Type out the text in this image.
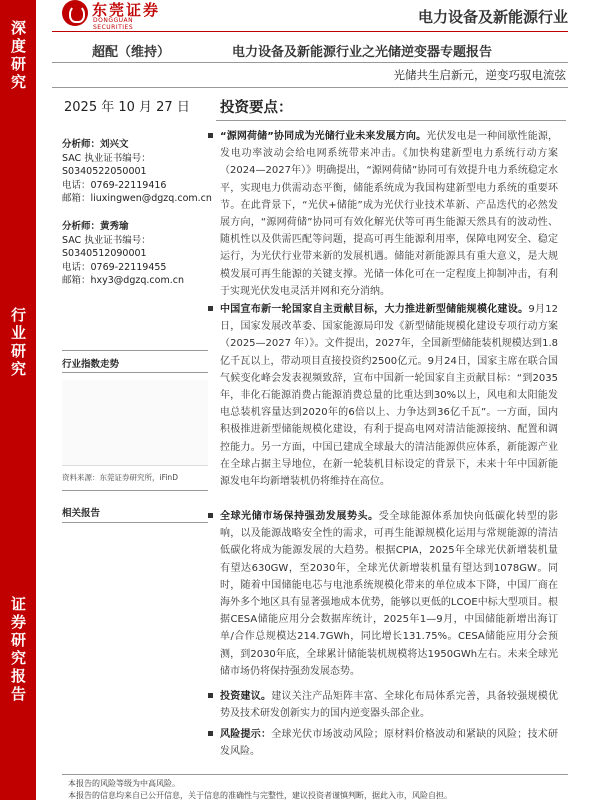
深度研究
行业研究
证券研究报告
东莞证券
DONGGUAN SECURITIES
电力设备及新能源行业
超配（维持）	电力设备及新能源行业之光储逆变器专题报告
光储共生启新元，逆变巧驭电流弦
2025 年 10 月 27 日 投资要点：
分析师：刘兴文
SAC 执业证书编号：
S0340522050001
电话：0769-22119416
邮箱：liuxingwen@dgzq.com.cn
分析师：黄秀瑜
SAC 执业证书编号：
S0340512090001
电话：0769-22119455
邮箱：hxy3@dgzq.com.cn
行业指数走势
资料来源：东莞证券研究所，iFinD
相关报告
“源网荷储”协同成为光储行业未来发展方向。光伏发电是一种间歇性能源，发电功率波动会给电网系统带来冲击。《加快构建新型电力系统行动方案（2024—2027年）》明确提出，“源网荷储”协同可有效提升电力系统稳定水平，实现电力供需动态平衡，储能系统成为我国构建新型电力系统的重要环节。在此背景下，“光伏+储能”成为光伏行业技术革新、产品迭代的必然发展方向，“源网荷储”协同可有效化解光伏等可再生能源天然具有的波动性、随机性以及供需匹配等问题，提高可再生能源利用率，保障电网安全、稳定运行，为光伏行业带来新的发展机遇。储能对新能源具有重大意义，是大规模发展可再生能源的关键支撑。光储一体化可在一定程度上抑制冲击，有利于实现光伏发电灵活并网和充分消纳。
中国宣布新一轮国家自主贡献目标，大力推进新型储能规模化建设。9月12日，国家发展改革委、国家能源局印发《新型储能规模化建设专项行动方案（2025—2027 年）》。文件提出，2027年，全国新型储能装机规模达到1.8亿千瓦以上，带动项目直接投资约2500亿元。9月24日，国家主席在联合国气候变化峰会发表视频致辞，宣布中国新一轮国家自主贡献目标：“到2035年，非化石能源消费占能源消费总量的比重达到30%以上，风电和太阳能发电总装机容量达到2020年的6倍以上、力争达到36亿千瓦”。一方面，国内积极推进新型储能规模化建设，有利于提高电网对清洁能源接纳、配置和调控能力。另一方面，中国已建成全球最大的清洁能源供应体系，新能源产业在全球占据主导地位，在新一轮装机目标设定的背景下，未来十年中国新能源发电年均新增装机仍将维持在高位。
全球光储市场保持强劲发展势头。受全球能源体系加快向低碳化转型的影响，以及能源战略安全性的需求，可再生能源规模化运用与常规能源的清洁低碳化将成为能源发展的大趋势。根据CPIA，2025年全球光伏新增装机量有望达630GW，至2030年，全球光伏新增装机量有望达到1078GW。同时，随着中国储能电芯与电池系统规模化带来的单位成本下降，中国厂商在海外多个地区具有显著强地成本优势，能够以更低的LCOE中标大型项目。根据CESA储能应用分会数据库统计，2025年1—9月，中国储能新增出海订单/合作总规模达214.7GWh，同比增长131.75%。CESA储能应用分会预测，到2030年底，全球累计储能装机规模将达1950GWh左右。未来全球光储市场仍将保持强劲发展态势。
投资建议。建议关注产品矩阵丰富、全球化布局体系完善，具备较强规模优势及技术研发创新实力的国内逆变器头部企业。
风险提示：全球光伏市场波动风险；原材料价格波动和紧缺的风险；技术研发风险。
本报告的风险等级为中高风险。
本报告的信息均来自已公开信息，关于信息的准确性与完整性，建议投资者谨慎判断，据此入市，风险自担。
